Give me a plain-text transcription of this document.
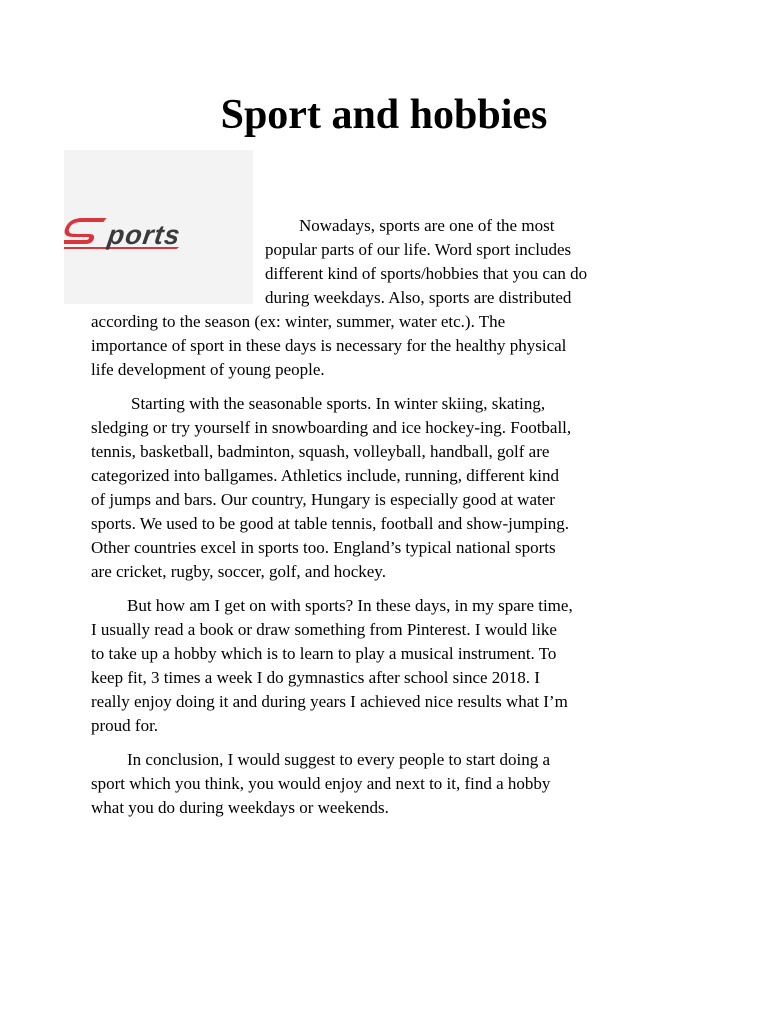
Sport and hobbies
ports	Nowadays, sports are one of the most
popular parts of our life. Word sport includes
different kind of sports/hobbies that you can do
during weekdays. Also, sports are distributed
according to the season (ex: winter, summer, water etc.). The
importance of sport in these days is necessary for the healthy physical
life development of young people.

Starting with the seasonable sports. In winter skiing, skating,
sledging or try yourself in snowboarding and ice hockey-ing. Football,
tennis, basketball, badminton, squash, volleyball, handball, golf are
categorized into ballgames. Athletics include, running, different kind
of jumps and bars. Our country, Hungary is especially good at water
sports. We used to be good at table tennis, football and show-jumping.
Other countries excel in sports too. England’s typical national sports
are cricket, rugby, soccer, golf, and hockey.

But how am I get on with sports? In these days, in my spare time,
I usually read a book or draw something from Pinterest. I would like
to take up a hobby which is to learn to play a musical instrument. To
keep fit, 3 times a week I do gymnastics after school since 2018. I
really enjoy doing it and during years I achieved nice results what I’m
proud for.

In conclusion, I would suggest to every people to start doing a
sport which you think, you would enjoy and next to it, find a hobby
what you do during weekdays or weekends.
